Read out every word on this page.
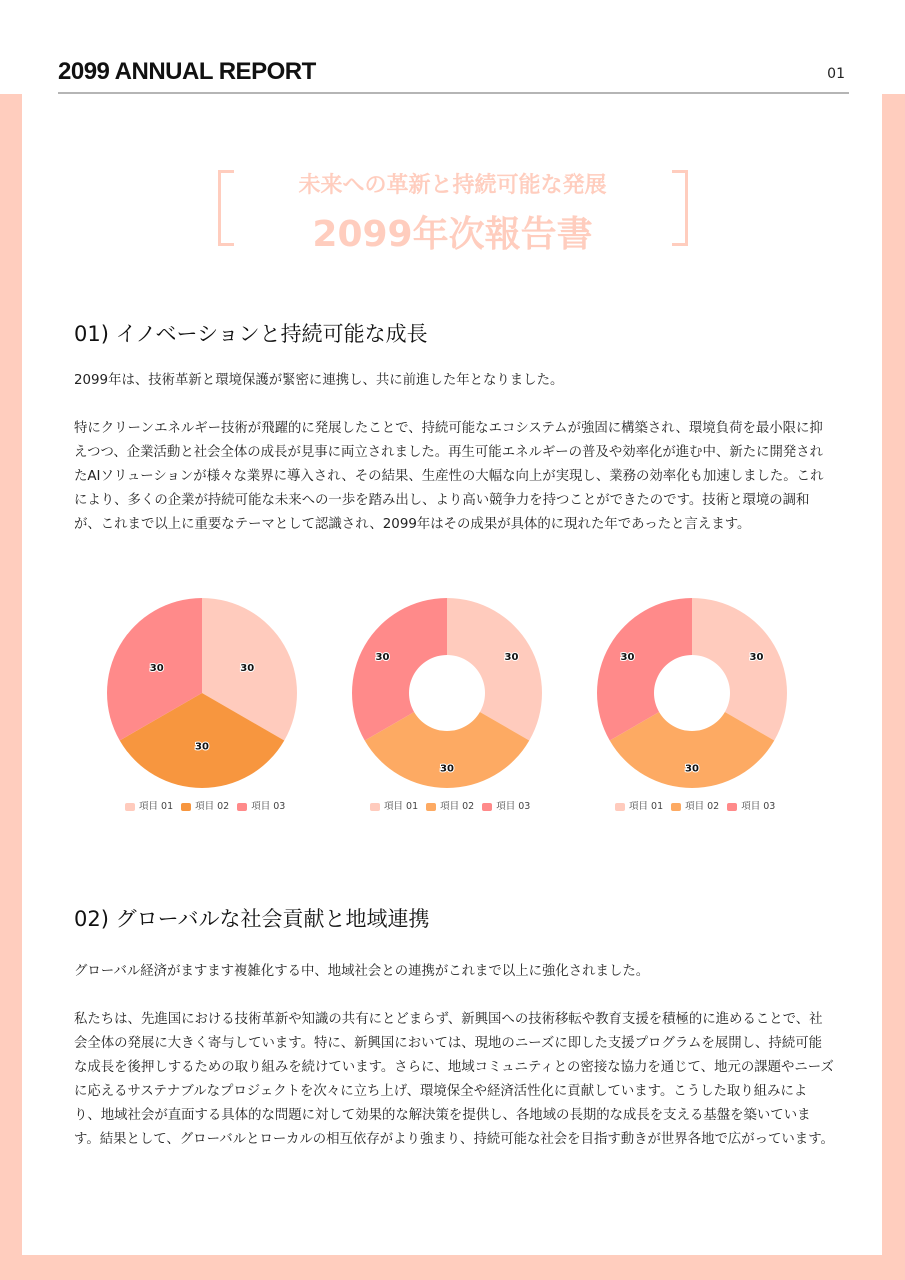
2099 ANNUAL REPORT	01
未来への革新と持続可能な発展
2099年次報告書
01) イノベーションと持続可能な成長
2099年は、技術革新と環境保護が緊密に連携し、共に前進した年となりました。
特にクリーンエネルギー技術が飛躍的に発展したことで、持続可能なエコシステムが強固に構築され、環境負荷を最小限に抑えつつ、企業活動と社会全体の成長が見事に両立されました。再生可能エネルギーの普及や効率化が進む中、新たに開発されたAIソリューションが様々な業界に導入され、その結果、生産性の大幅な向上が実現し、業務の効率化も加速しました。これにより、多くの企業が持続可能な未来への一歩を踏み出し、より高い競争力を持つことができたのです。技術と環境の調和が、これまで以上に重要なテーマとして認識され、2099年はその成果が具体的に現れた年であったと言えます。
30
30
30
項目 01	項目 02	項目 03
30
30
30
項目 01	項目 02	項目 03
30
30
30
項目 01	項目 02	項目 03
02) グローバルな社会貢献と地域連携
グローバル経済がますます複雑化する中、地域社会との連携がこれまで以上に強化されました。
私たちは、先進国における技術革新や知識の共有にとどまらず、新興国への技術移転や教育支援を積極的に進めることで、社会全体の発展に大きく寄与しています。特に、新興国においては、現地のニーズに即した支援プログラムを展開し、持続可能な成長を後押しするための取り組みを続けています。さらに、地域コミュニティとの密接な協力を通じて、地元の課題やニーズに応えるサステナブルなプロジェクトを次々に立ち上げ、環境保全や経済活性化に貢献しています。こうした取り組みにより、地域社会が直面する具体的な問題に対して効果的な解決策を提供し、各地域の長期的な成長を支える基盤を築いています。結果として、グローバルとローカルの相互依存がより強まり、持続可能な社会を目指す動きが世界各地で広がっています。
